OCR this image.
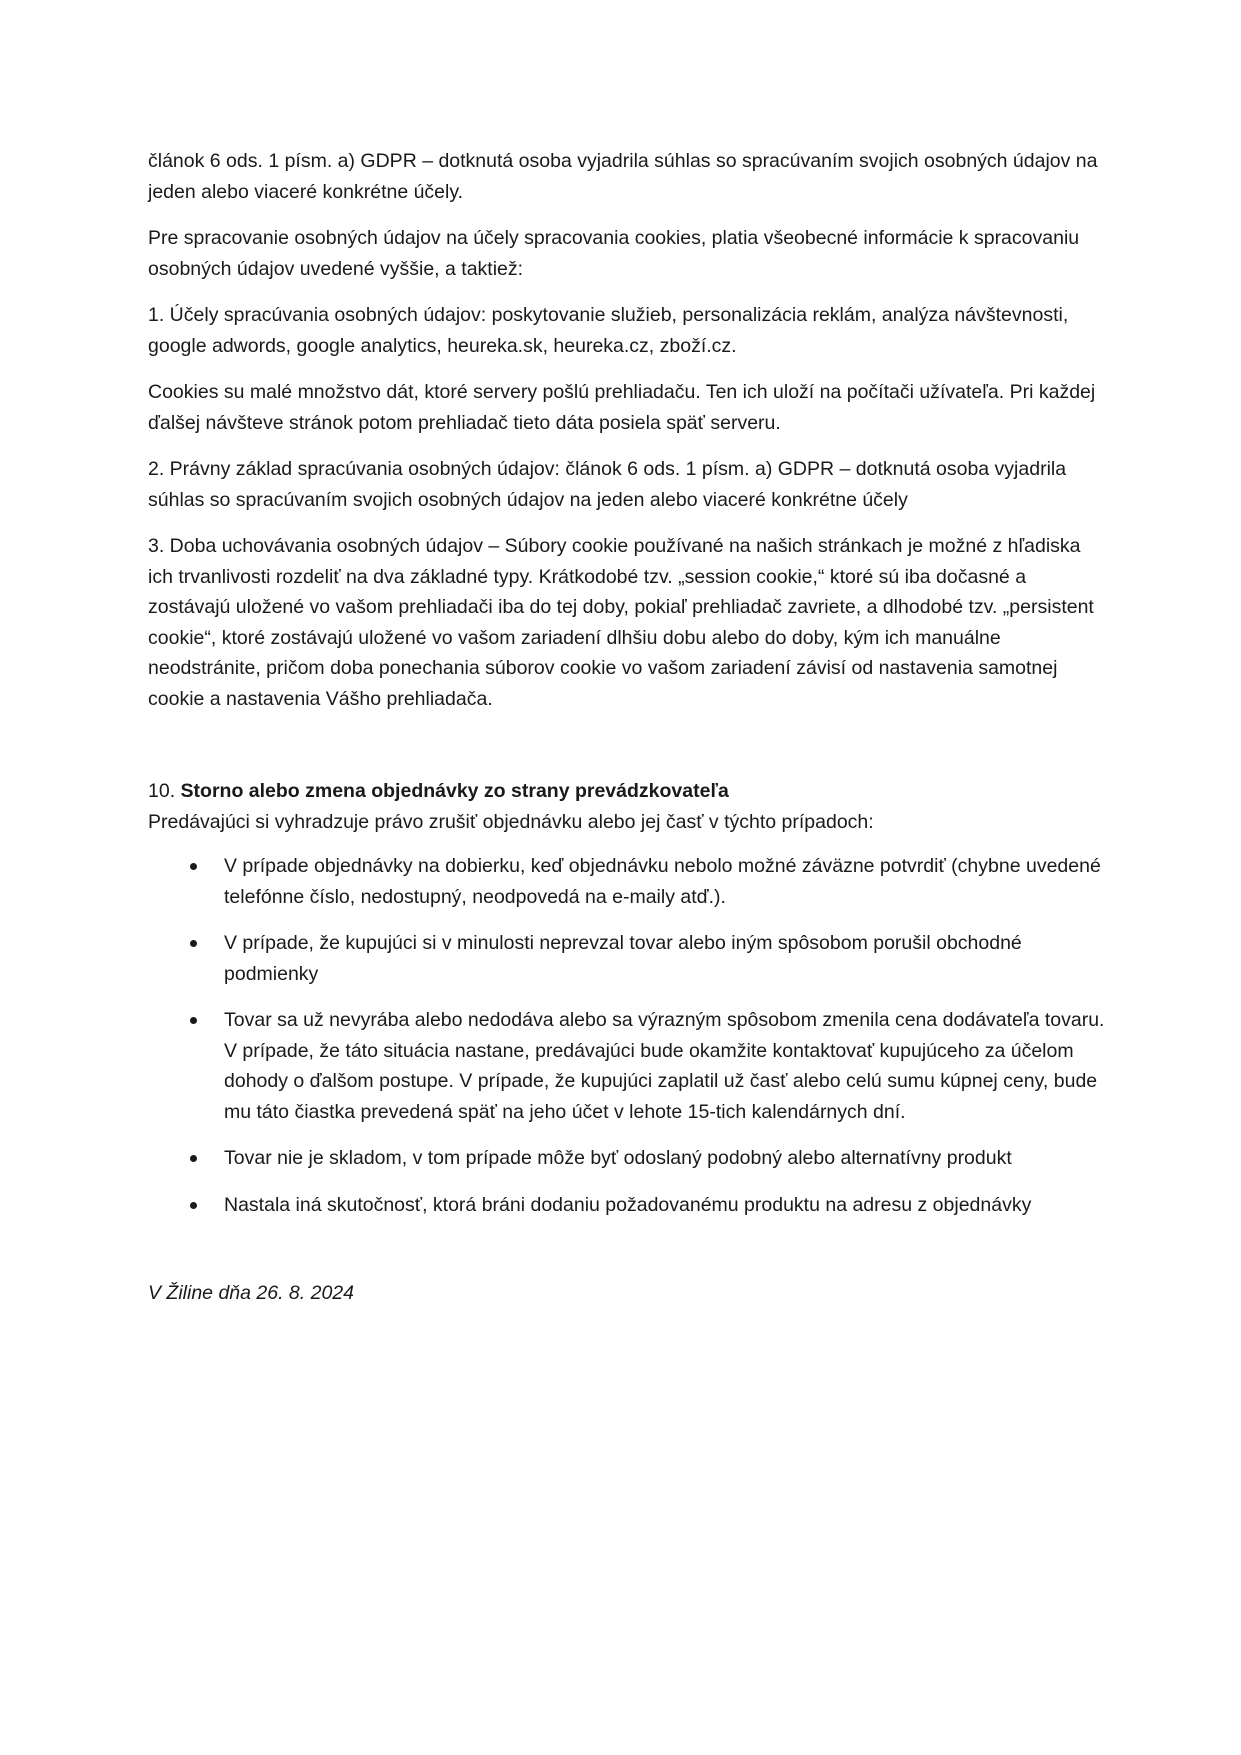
článok 6 ods. 1 písm. a) GDPR – dotknutá osoba vyjadrila súhlas so spracúvaním svojich osobných údajov na jeden alebo viaceré konkrétne účely.

Pre spracovanie osobných údajov na účely spracovania cookies, platia všeobecné informácie k spracovaniu osobných údajov uvedené vyššie, a taktiež:

1. Účely spracúvania osobných údajov: poskytovanie služieb, personalizácia reklám, analýza návštevnosti, google adwords, google analytics, heureka.sk, heureka.cz, zboží.cz.

Cookies su malé množstvo dát, ktoré servery pošlú prehliadaču. Ten ich uloží na počítači užívateľa. Pri každej ďalšej návšteve stránok potom prehliadač tieto dáta posiela späť serveru.

2. Právny základ spracúvania osobných údajov: článok 6 ods. 1 písm. a) GDPR – dotknutá osoba vyjadrila súhlas so spracúvaním svojich osobných údajov na jeden alebo viaceré konkrétne účely

3. Doba uchovávania osobných údajov – Súbory cookie používané na našich stránkach je možné z hľadiska ich trvanlivosti rozdeliť na dva základné typy. Krátkodobé tzv. „session cookie,“ ktoré sú iba dočasné a zostávajú uložené vo vašom prehliadači iba do tej doby, pokiaľ prehliadač zavriete, a dlhodobé tzv. „persistent cookie“, ktoré zostávajú uložené vo vašom zariadení dlhšiu dobu alebo do doby, kým ich manuálne neodstránite, pričom doba ponechania súborov cookie vo vašom zariadení závisí od nastavenia samotnej cookie a nastavenia Vášho prehliadača.

10. Storno alebo zmena objednávky zo strany prevádzkovateľa

Predávajúci si vyhradzuje právo zrušiť objednávku alebo jej časť v týchto prípadoch:

V prípade objednávky na dobierku, keď objednávku nebolo možné záväzne potvrdiť (chybne uvedené telefónne číslo, nedostupný, neodpovedá na e-maily atď.).
V prípade, že kupujúci si v minulosti neprevzal tovar alebo iným spôsobom porušil obchodné podmienky
Tovar sa už nevyrába alebo nedodáva alebo sa výrazným spôsobom zmenila cena dodávateľa tovaru. V prípade, že táto situácia nastane, predávajúci bude okamžite kontaktovať kupujúceho za účelom dohody o ďalšom postupe. V prípade, že kupujúci zaplatil už časť alebo celú sumu kúpnej ceny, bude mu táto čiastka prevedená späť na jeho účet v lehote 15-tich kalendárnych dní.
Tovar nie je skladom, v tom prípade môže byť odoslaný podobný alebo alternatívny produkt
Nastala iná skutočnosť, ktorá bráni dodaniu požadovanému produktu na adresu z objednávky

V Žiline dňa 26. 8. 2024
